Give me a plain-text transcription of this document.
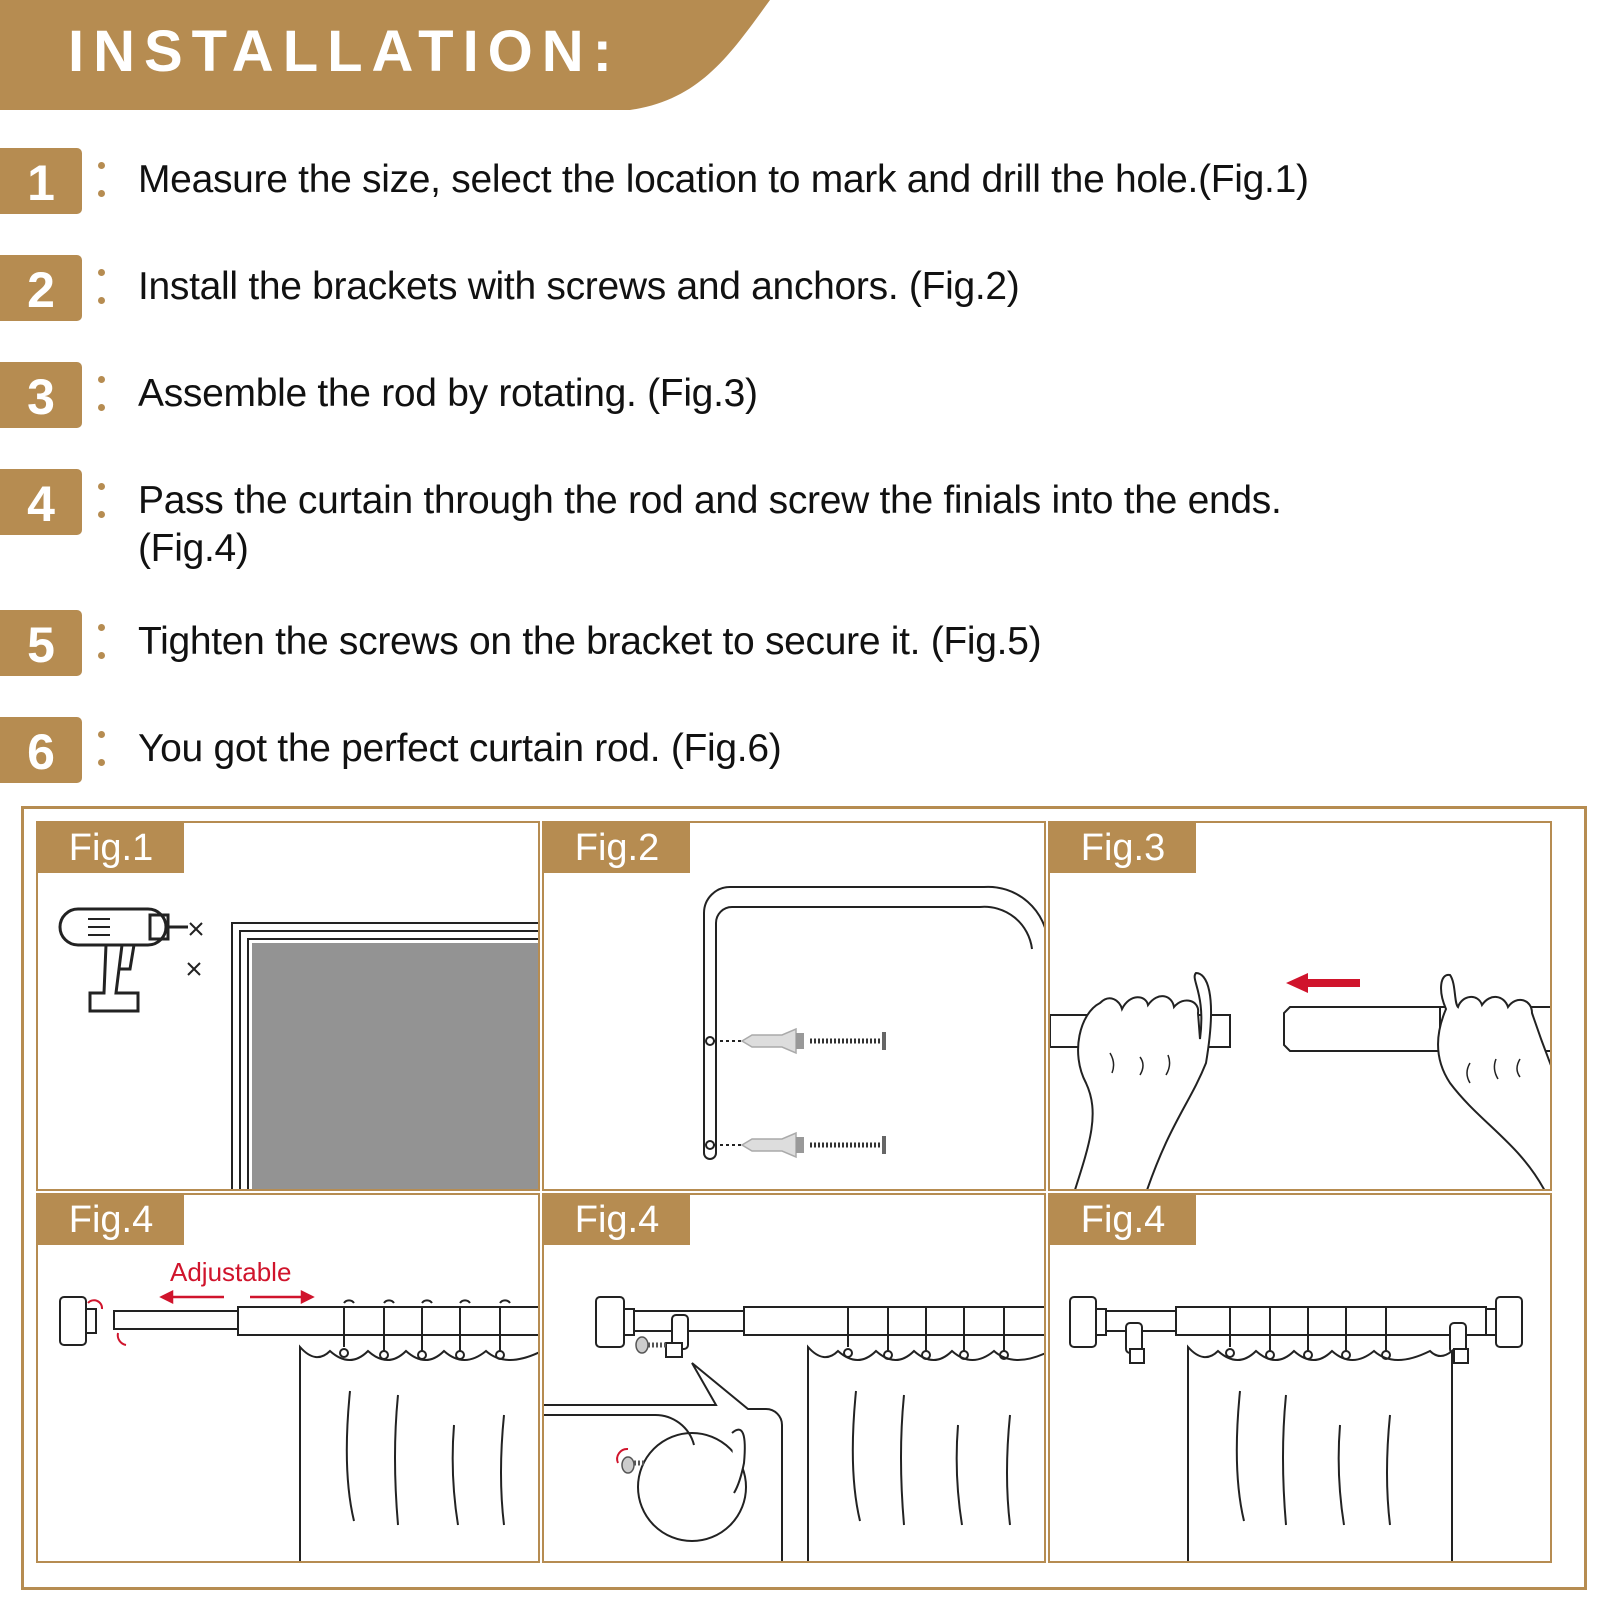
INSTALLATION:
1	Measure the size, select the location to mark and drill the hole.(Fig.1)
2	Install the brackets with screws and anchors. (Fig.2)
3	Assemble the rod by rotating. (Fig.3)
4	Pass the curtain through the rod and screw the finials into the ends. (Fig.4)
5	Tighten the screws on the bracket to secure it. (Fig.5)
6	You got the perfect curtain rod. (Fig.6)
Fig.1	Fig.2	Fig.3
Fig.4
Adjustable
Fig.4	Fig.4
